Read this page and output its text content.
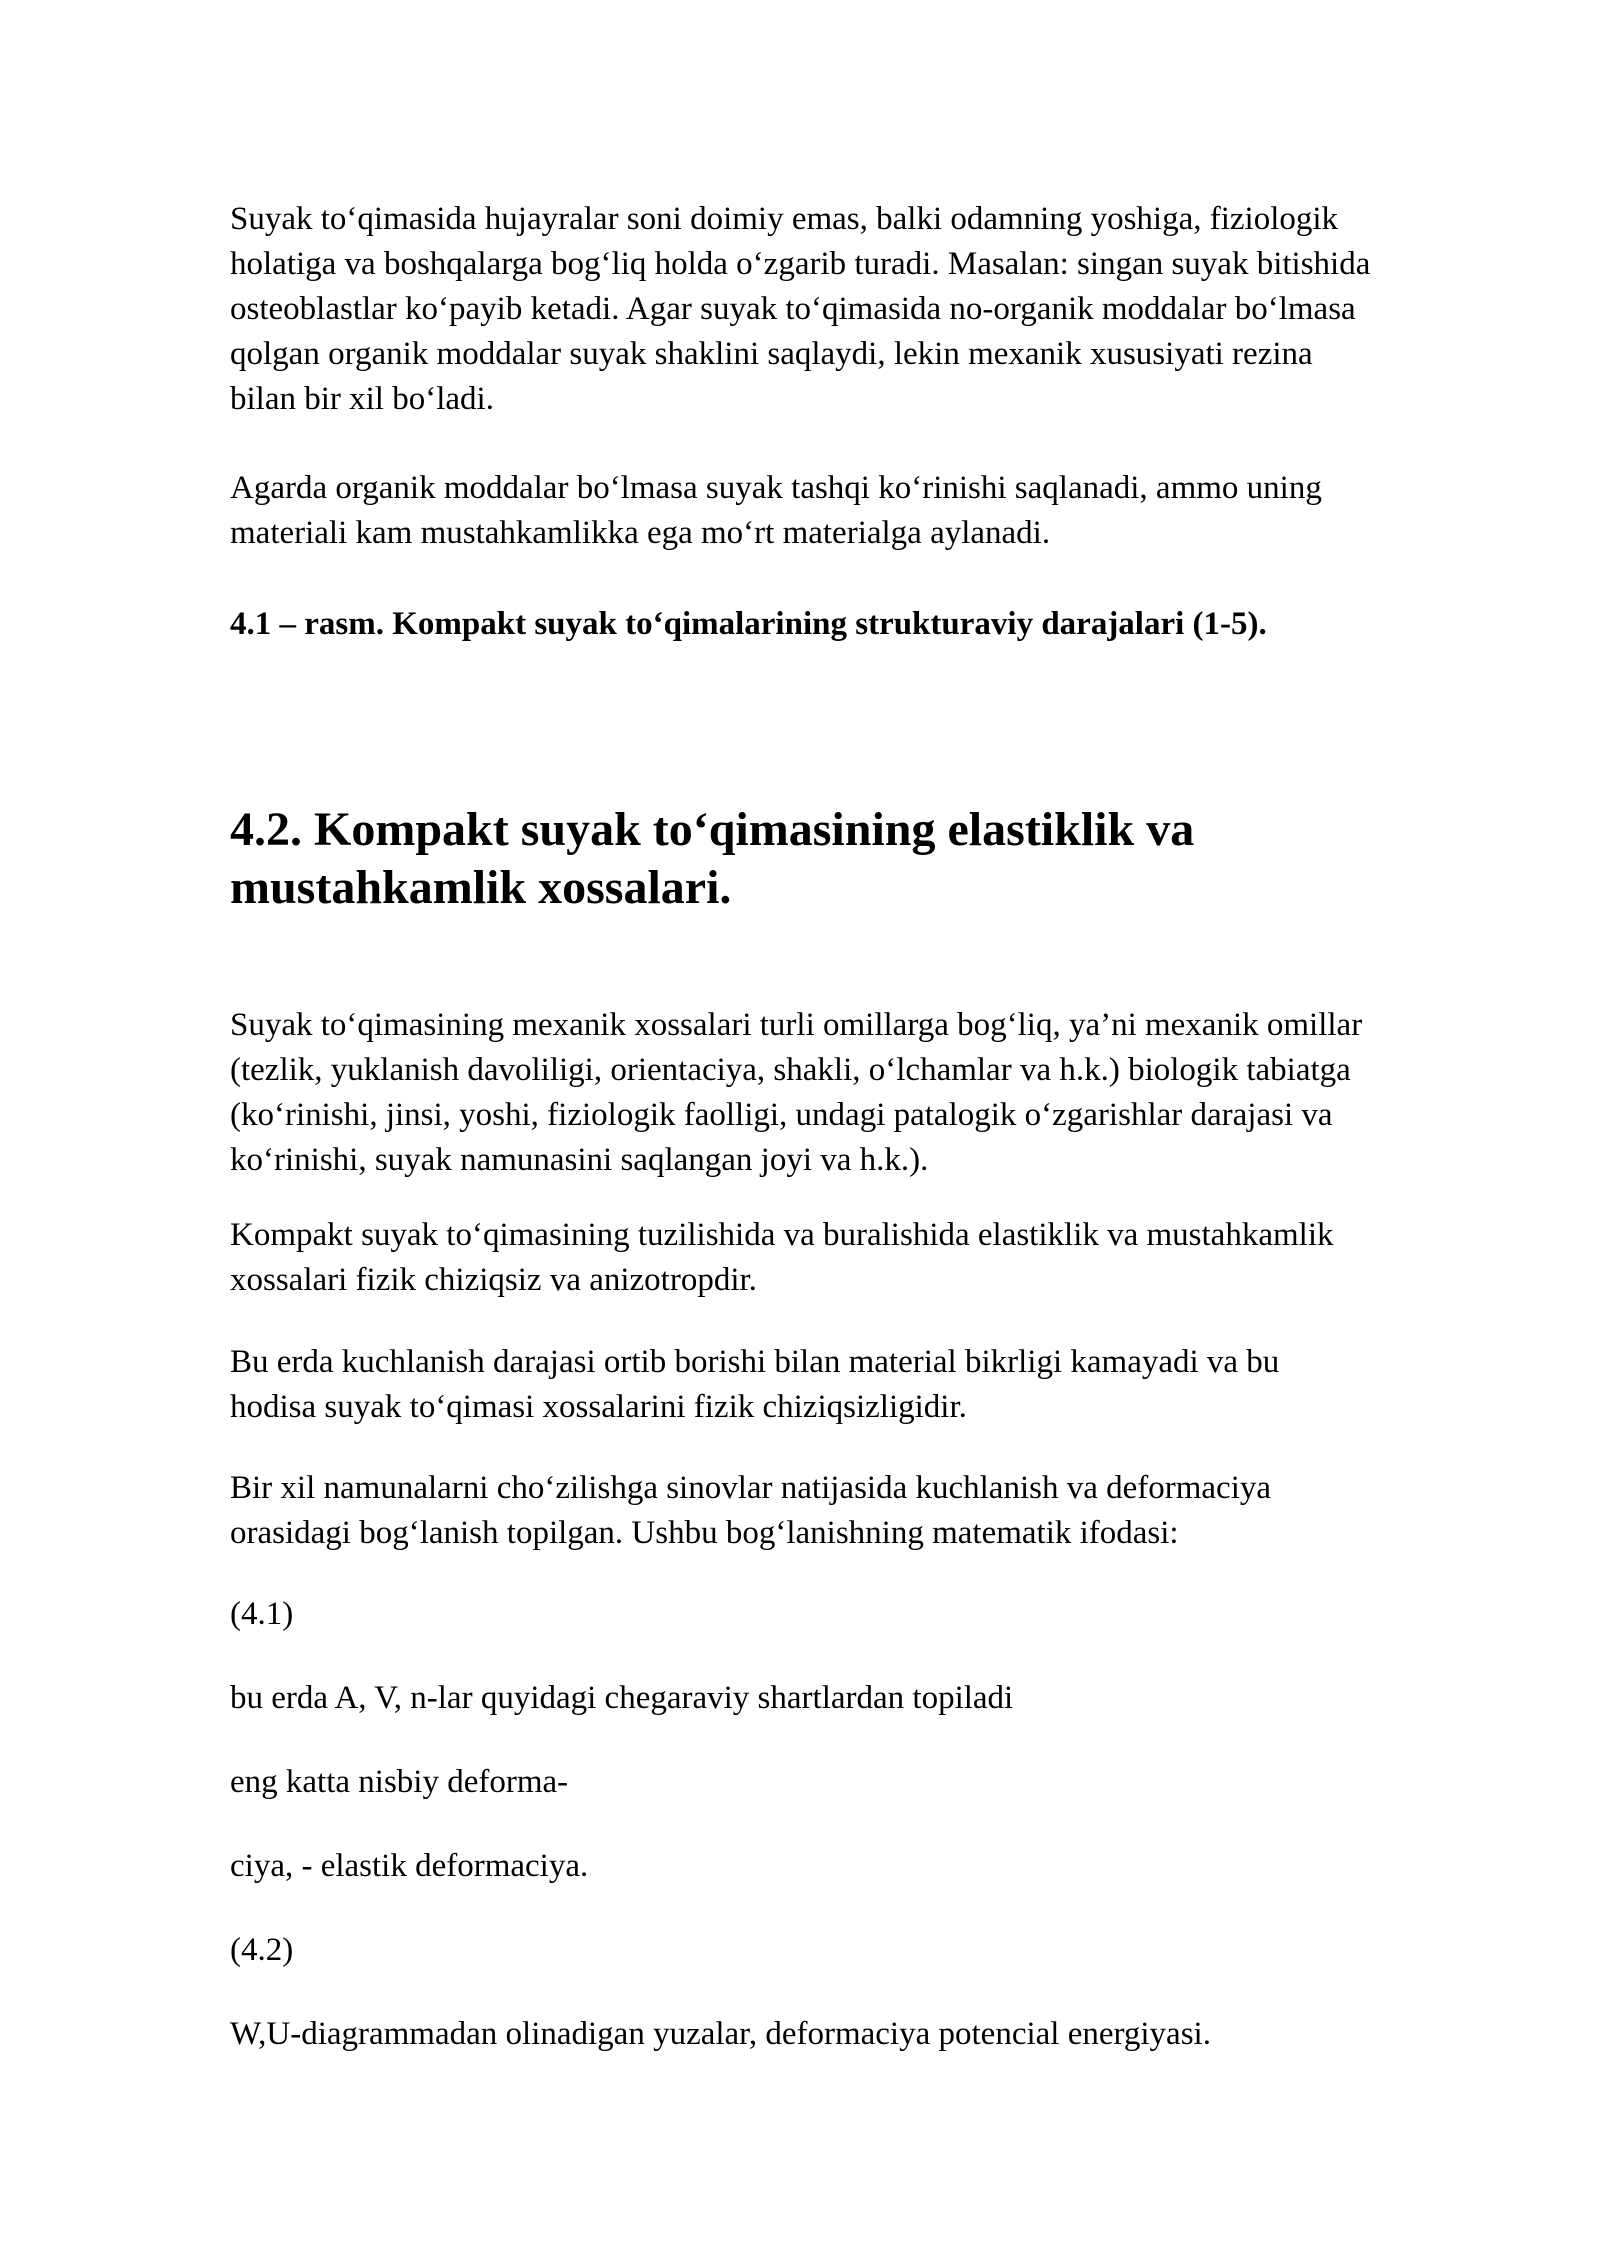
Suyak to‘qimasida hujayralar soni doimiy emas, balki odamning yoshiga, fiziologik
holatiga va boshqalarga bog‘liq holda o‘zgarib turadi. Masalan: singan suyak bitishida
osteoblastlar ko‘payib ketadi. Agar suyak to‘qimasida no-organik moddalar bo‘lmasa
qolgan organik moddalar suyak shaklini saqlaydi, lekin mexanik xususiyati rezina
bilan bir xil bo‘ladi.

Agarda organik moddalar bo‘lmasa suyak tashqi ko‘rinishi saqlanadi, ammo uning
materiali kam mustahkamlikka ega mo‘rt materialga aylanadi.

4.1 – rasm. Kompakt suyak to‘qimalarining strukturaviy darajalari (1-5).

4.2. Kompakt suyak to‘qimasining elastiklik va
mustahkamlik xossalari.

Suyak to‘qimasining mexanik xossalari turli omillarga bog‘liq, ya’ni mexanik omillar
(tezlik, yuklanish davoliligi, orientaciya, shakli, o‘lchamlar va h.k.) biologik tabiatga
(ko‘rinishi, jinsi, yoshi, fiziologik faolligi, undagi patalogik o‘zgarishlar darajasi va
ko‘rinishi, suyak namunasini saqlangan joyi va h.k.).

Kompakt suyak to‘qimasining tuzilishida va buralishida elastiklik va mustahkamlik
xossalari fizik chiziqsiz va anizotropdir.

Bu erda kuchlanish darajasi ortib borishi bilan material bikrligi kamayadi va bu
hodisa suyak to‘qimasi xossalarini fizik chiziqsizligidir.

Bir xil namunalarni cho‘zilishga sinovlar natijasida kuchlanish va deformaciya
orasidagi bog‘lanish topilgan. Ushbu bog‘lanishning matematik ifodasi:

(4.1)

bu erda A, V, n-lar quyidagi chegaraviy shartlardan topiladi

eng katta nisbiy deforma-

ciya, - elastik deformaciya.

(4.2)

W,U-diagrammadan olinadigan yuzalar, deformaciya potencial energiyasi.
